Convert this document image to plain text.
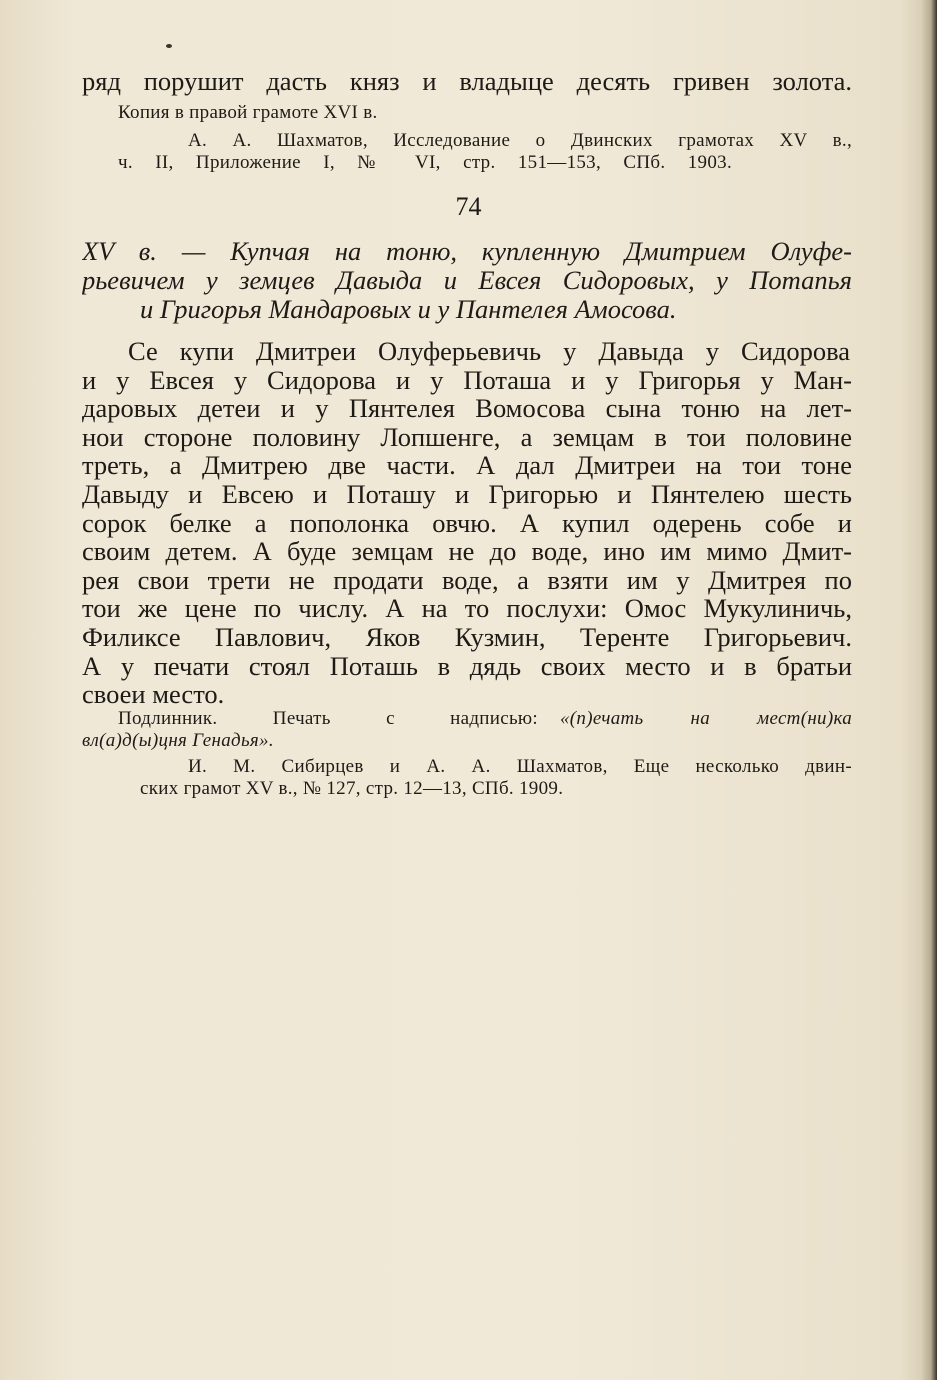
ряд порушит дасть княз и владыце десять гривен золота.
Копия в правой грамоте XVI в.
А. А. Шахматов, Исследование о Двинских грамотах XV в.,
ч. II, Приложение I, № VI, стр. 151—153, СПб. 1903.
74
XV в. — Купчая на тоню, купленную Дмитрием Олуфе-
рьевичем у земцев Давыда и Евсея Сидоровых, у Потапья
и Григорья Мандаровых и у Пантелея Амосова.
Се купи Дмитреи Олуферьевичь у Давыда у Сидорова
и у Евсея у Сидорова и у Поташа и у Григорья у Ман-
даровых детеи и у Пянтелея Вомосова сына тоню на лет-
нои стороне половину Лопшенге, а земцам в тои половине
треть, а Дмитрею две части. А дал Дмитреи на тои тоне
Давыду и Евсею и Поташу и Григорью и Пянтелею шесть
сорок белке а пополонка овчю. А купил одерень собе и
своим детем. А буде земцам не до воде, ино им мимо Дмит-
рея свои трети не продати воде, а взяти им у Дмитрея по
тои же цене по числу. А на то послухи: Омос Мукулиничь,
Филиксе Павлович, Яков Кузмин, Теренте Григорьевич.
А у печати стоял Поташь в дядь своих место и в братьи
своеи место.
Подлинник. Печать с надписью: «(п)ечать на мест(ни)ка
вл(а)д(ы)цня Генадья».
И. М. Сибирцев и А. А. Шахматов, Еще несколько двин-
ских грамот XV в., № 127, стр. 12—13, СПб. 1909.
